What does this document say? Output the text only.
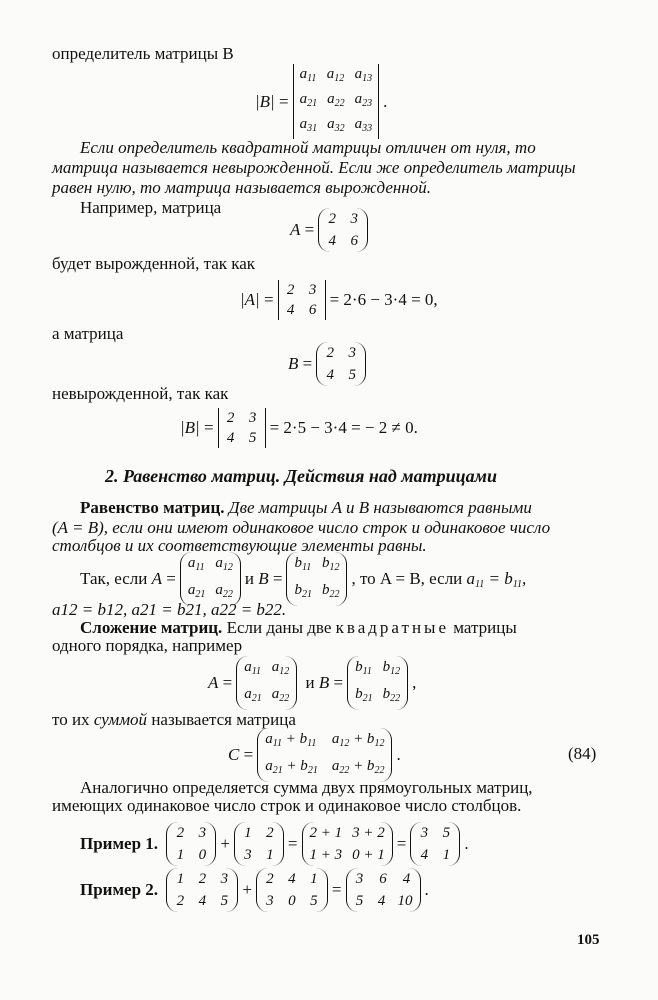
определитель матрицы B
|B| =
$a_{11}$ $a_{12}$ $a_{13}$
$a_{21}$ $a_{22}$ $a_{23}$
$a_{31}$ $a_{32}$ $a_{33}$
.
Если определитель квадратной матрицы отличен от нуля, то
матрица называется невырожденной. Если же определитель матрицы
равен нулю, то матрица называется вырожденной.
Например, матрица
A =
2 3
4 6
будет вырожденной, так как
|A| = 2 3
4 6
= 2·6 − 3·4 = 0,
а матрица
B =
2 3
4 5
невырожденной, так как
|B| = 2 3
4 5
= 2·5 − 3·4 = − 2 ≠ 0.
2. Равенство матриц. Действия над матрицами
Равенство матриц. Две матрицы A и B называются равными
(A = B), если они имеют одинаковое число строк и одинаковое число
столбцов и их соответствующие элементы равны.
Так, если
A =
$a_{11}$ $a_{12}$
$a_{21}$ $a_{22}$
и
B =
$b_{11}$ $b_{12}$
$b_{21}$ $b_{22}$
, то A = B, если
$a_{11} = b_{11}$,
a12 = b12, a21 = b21, a22 = b22.
Сложение матриц. Если даны две квадратные матрицы
одного порядка, например
A =
$a_{11}$ $a_{12}$
$a_{21}$ $a_{22}$
и B =
$b_{11}$ $b_{12}$
$b_{21}$ $b_{22}$
,
то их суммой называется матрица
C =
$a_{11} + b_{11}$ $a_{12} + b_{12}$
$a_{21} + b_{21}$ $a_{22} + b_{22}$
.	(84)
Аналогично определяется сумма двух прямоугольных матриц,
имеющих одинаковое число строк и одинаковое число столбцов.
Пример 1.

2 3
1 0
+
1 2
3 1
=
2 + 1 3 + 2
1 + 3 0 + 1
=
3 5
4 1
.
Пример 2.

1 2 3
2 4 5
+
2 4 1
3 0 5
=
3 6 4
5 4 10
.
105
